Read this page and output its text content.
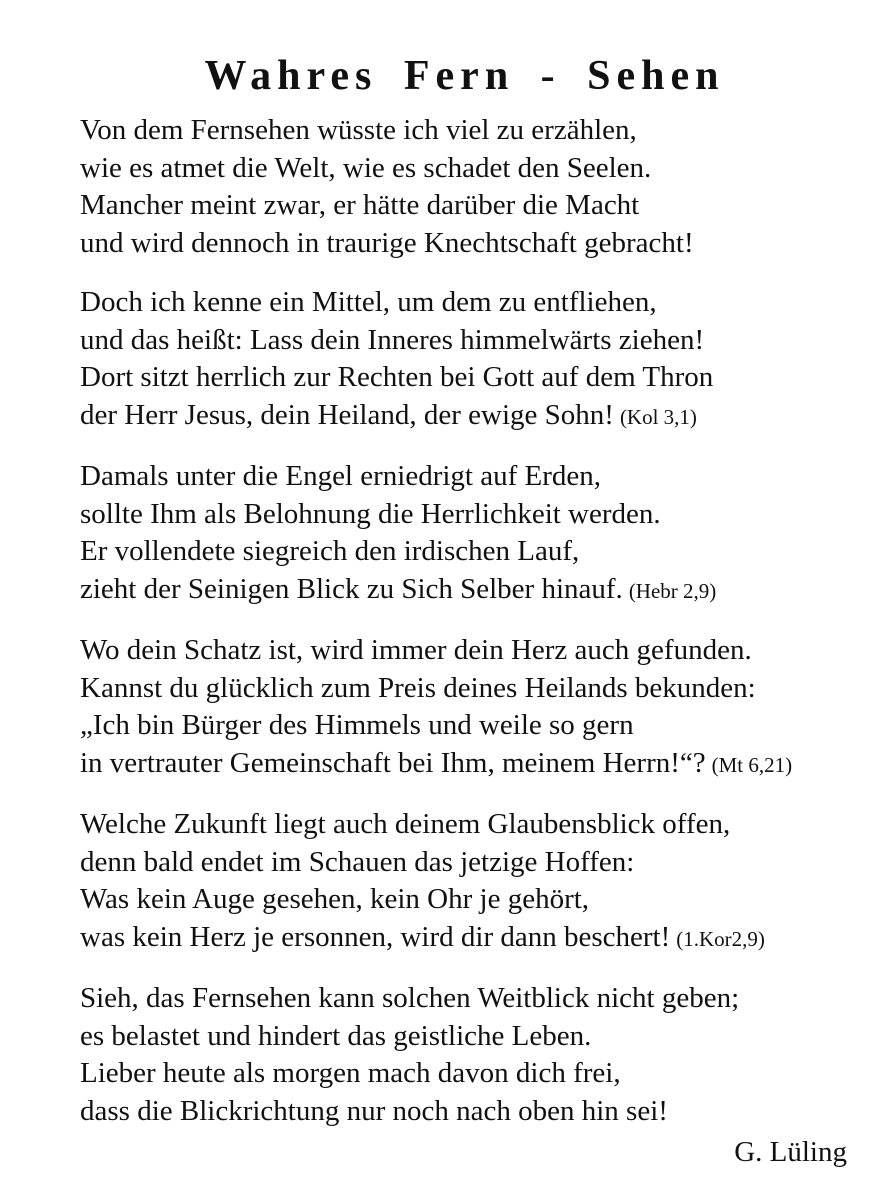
Wahres Fern - Sehen
Von dem Fernsehen wüsste ich viel zu erzählen,
wie es atmet die Welt, wie es schadet den Seelen.
Mancher meint zwar, er hätte darüber die Macht
und wird dennoch in traurige Knechtschaft gebracht!
Doch ich kenne ein Mittel, um dem zu entfliehen,
und das heißt: Lass dein Inneres himmelwärts ziehen!
Dort sitzt herrlich zur Rechten bei Gott auf dem Thron
der Herr Jesus, dein Heiland, der ewige Sohn! (Kol 3,1)
Damals unter die Engel erniedrigt auf Erden,
sollte Ihm als Belohnung die Herrlichkeit werden.
Er vollendete siegreich den irdischen Lauf,
zieht der Seinigen Blick zu Sich Selber hinauf. (Hebr 2,9)
Wo dein Schatz ist, wird immer dein Herz auch gefunden.
Kannst du glücklich zum Preis deines Heilands bekunden:
„Ich bin Bürger des Himmels und weile so gern
in vertrauter Gemeinschaft bei Ihm, meinem Herrn!“? (Mt 6,21)
Welche Zukunft liegt auch deinem Glaubensblick offen,
denn bald endet im Schauen das jetzige Hoffen:
Was kein Auge gesehen, kein Ohr je gehört,
was kein Herz je ersonnen, wird dir dann beschert! (1.Kor2,9)
Sieh, das Fernsehen kann solchen Weitblick nicht geben;
es belastet und hindert das geistliche Leben.
Lieber heute als morgen mach davon dich frei,
dass die Blickrichtung nur noch nach oben hin sei!
G. Lüling
